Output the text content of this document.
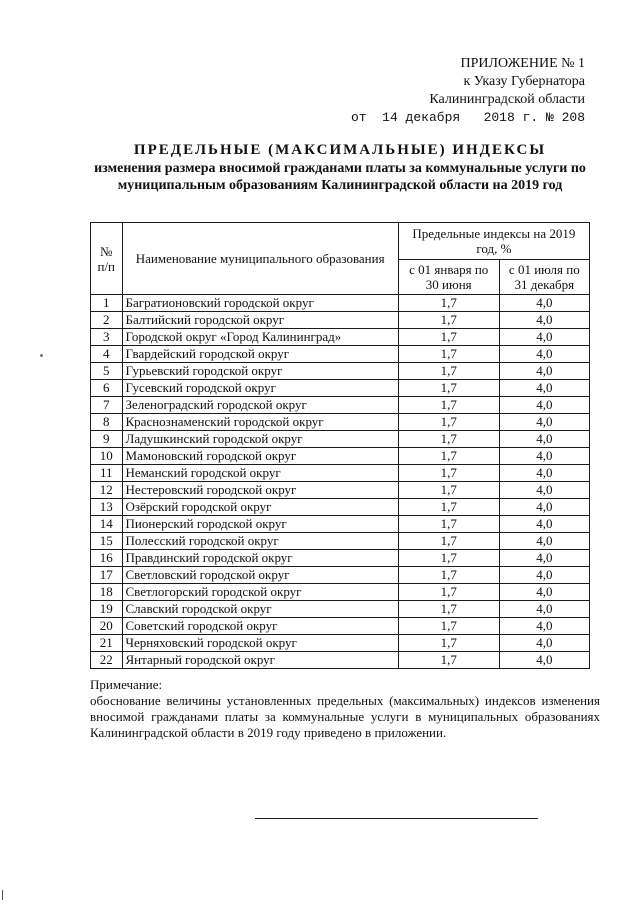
ПРИЛОЖЕНИЕ № 1
к Указу Губернатора
Калининградской области
от  14 декабря   2018 г. № 208
ПРЕДЕЛЬНЫЕ (МАКСИМАЛЬНЫЕ) ИНДЕКСЫ
изменения размера вносимой гражданами платы за коммунальные услуги по муниципальным образованиям Калининградской области на 2019 год
№ п/п	Наименование муниципального образования	Предельные индексы на 2019 год, %	
		с 01 января по 30 июня	с 01 июля по 31 декабря
1	Багратионовский городской округ	1,7	4,0
2	Балтийский городской округ	1,7	4,0
3	Городской округ «Город Калининград»	1,7	4,0
4	Гвардейский городской округ	1,7	4,0
5	Гурьевский городской округ	1,7	4,0
6	Гусевский городской округ	1,7	4,0
7	Зеленоградский городской округ	1,7	4,0
8	Краснознаменский городской округ	1,7	4,0
9	Ладушкинский городской округ	1,7	4,0
10	Мамоновский городской округ	1,7	4,0
11	Неманский городской округ	1,7	4,0
12	Нестеровский городской округ	1,7	4,0
13	Озёрский городской округ	1,7	4,0
14	Пионерский городской округ	1,7	4,0
15	Полесский городской округ	1,7	4,0
16	Правдинский городской округ	1,7	4,0
17	Светловский городской округ	1,7	4,0
18	Светлогорский городской округ	1,7	4,0
19	Славский городской округ	1,7	4,0
20	Советский городской округ	1,7	4,0
21	Черняховский городской округ	1,7	4,0
22	Янтарный городской округ	1,7	4,0
Примечание:
обоснование величины установленных предельных (максимальных) индексов изменения вносимой гражданами платы за коммунальные услуги в муниципальных образованиях Калининградской области в 2019 году приведено в приложении.
